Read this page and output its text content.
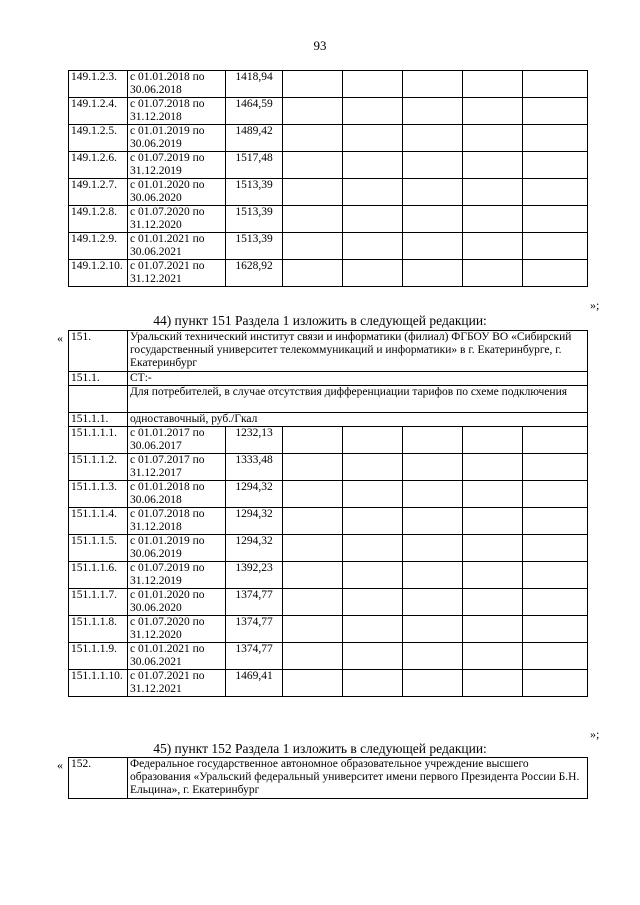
93
149.1.2.3.	с 01.01.2018 по
30.06.2018	1418,94					
149.1.2.4.	с 01.07.2018 по
31.12.2018	1464,59					
149.1.2.5.	с 01.01.2019 по
30.06.2019	1489,42					
149.1.2.6.	с 01.07.2019 по
31.12.2019	1517,48					
149.1.2.7.	с 01.01.2020 по
30.06.2020	1513,39					
149.1.2.8.	с 01.07.2020 по
31.12.2020	1513,39					
149.1.2.9.	с 01.01.2021 по
30.06.2021	1513,39					
149.1.2.10.	с 01.07.2021 по
31.12.2021	1628,92					
»;
44) пункт 151 Раздела 1 изложить в следующей редакции:
« 151.	Уральский технический институт связи и информатики (филиал) ФГБОУ ВО «Сибирский государственный университет телекоммуникаций и информатики» в г. Екатеринбурге, г. Екатеринбург						
151.1.	СТ:-						
	Для потребителей, в случае отсутствия дифференциации тарифов по схеме подключения						
151.1.1.	одноставочный, руб./Гкал						
151.1.1.1.	с 01.01.2017 по
30.06.2017	1232,13					
151.1.1.2.	с 01.07.2017 по
31.12.2017	1333,48					
151.1.1.3.	с 01.01.2018 по
30.06.2018	1294,32					
151.1.1.4.	с 01.07.2018 по
31.12.2018	1294,32					
151.1.1.5.	с 01.01.2019 по
30.06.2019	1294,32					
151.1.1.6.	с 01.07.2019 по
31.12.2019	1392,23					
151.1.1.7.	с 01.01.2020 по
30.06.2020	1374,77					
151.1.1.8.	с 01.07.2020 по
31.12.2020	1374,77					
151.1.1.9.	с 01.01.2021 по
30.06.2021	1374,77					
151.1.1.10.	с 01.07.2021 по
31.12.2021	1469,41					
»;
45) пункт 152 Раздела 1 изложить в следующей редакции:
« 152.	Федеральное государственное автономное образовательное учреждение высшего образования «Уральский федеральный университет имени первого Президента России Б.Н. Ельцина», г. Екатеринбург
